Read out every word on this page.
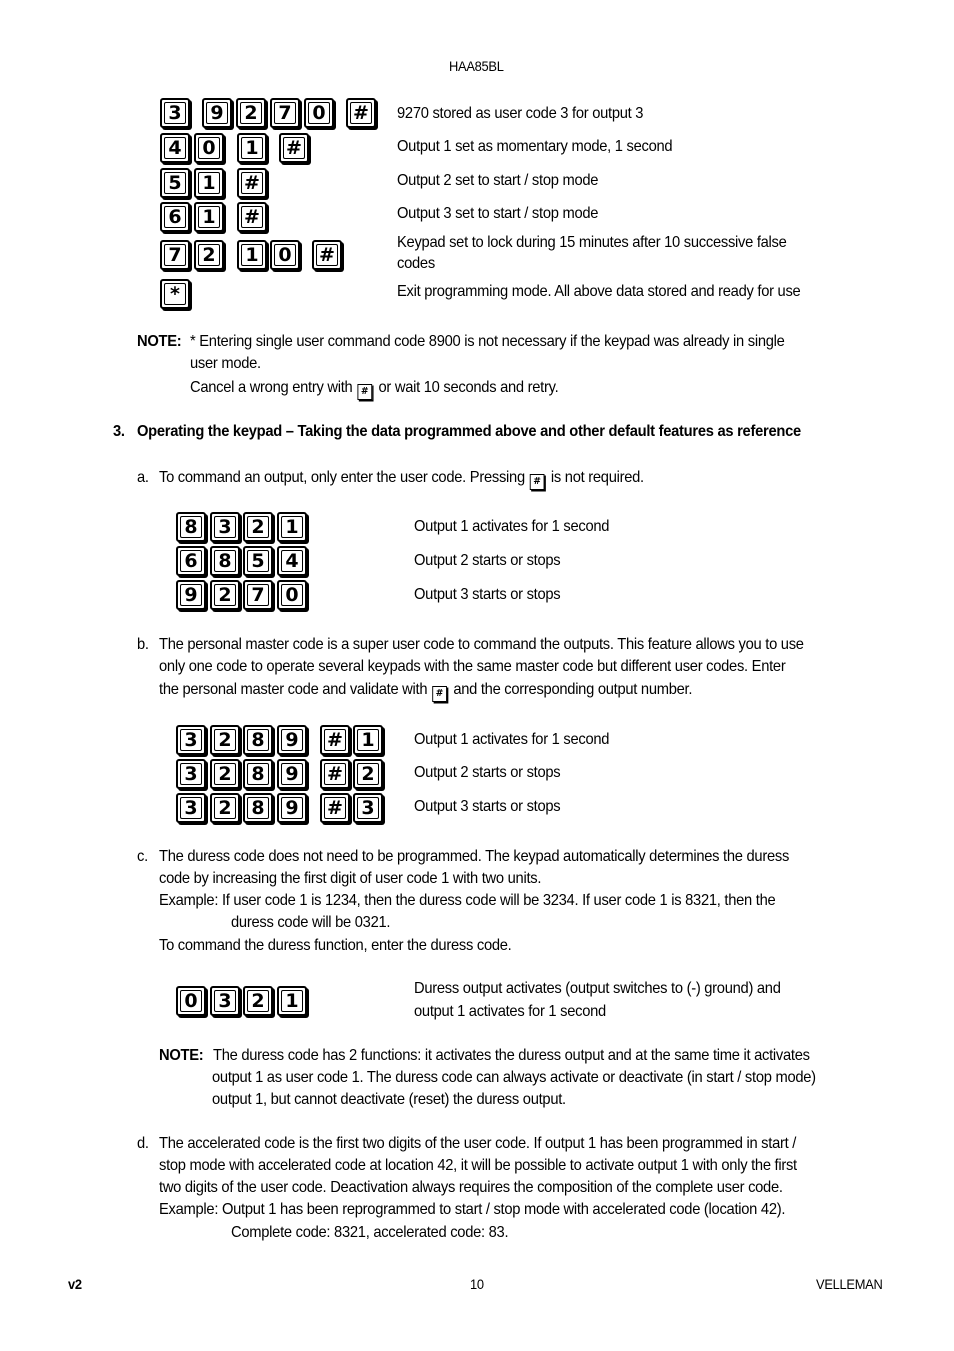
HAA85BL
9270 stored as user code 3 for output 3
Output 1 set as momentary mode, 1 second
Output 2 set to start / stop mode
Output 3 set to start / stop mode
Keypad set to lock during 15 minutes after 10 successive false
codes
Exit programming mode. All above data stored and ready for use
NOTE: * Entering single user command code 8900 is not necessary if the keypad was already in single
user mode.
Cancel a wrong entry with # or wait 10 seconds and retry.
3. Operating the keypad – Taking the data programmed above and other default features as reference
a. To command an output, only enter the user code. Pressing # is not required.
Output 1 activates for 1 second
Output 2 starts or stops
Output 3 starts or stops
b. The personal master code is a super user code to command the outputs. This feature allows you to use
only one code to operate several keypads with the same master code but different user codes. Enter
the personal master code and validate with # and the corresponding output number.
Output 1 activates for 1 second
Output 2 starts or stops
Output 3 starts or stops
c. The duress code does not need to be programmed. The keypad automatically determines the duress
code by increasing the first digit of user code 1 with two units.
Example: If user code 1 is 1234, then the duress code will be 3234. If user code 1 is 8321, then the
duress code will be 0321.
To command the duress function, enter the duress code.
Duress output activates (output switches to (-) ground) and
output 1 activates for 1 second
NOTE: The duress code has 2 functions: it activates the duress output and at the same time it activates
output 1 as user code 1. The duress code can always activate or deactivate (in start / stop mode)
output 1, but cannot deactivate (reset) the duress output.
d. The accelerated code is the first two digits of the user code. If output 1 has been programmed in start /
stop mode with accelerated code at location 42, it will be possible to activate output 1 with only the first
two digits of the user code. Deactivation always requires the composition of the complete user code.
Example: Output 1 has been reprogrammed to start / stop mode with accelerated code (location 42).
Complete code: 8321, accelerated code: 83.
v2	10	VELLEMAN
3 9 2 7 0 #
4 0 1 #
5 1 #
6 1 #
7 2 1 0 #
*
8 3 2 1
6 8 5 4
9 2 7 0
3 2 8 9 # 1
3 2 8 9 # 2
3 2 8 9 # 3
0 3 2 1
